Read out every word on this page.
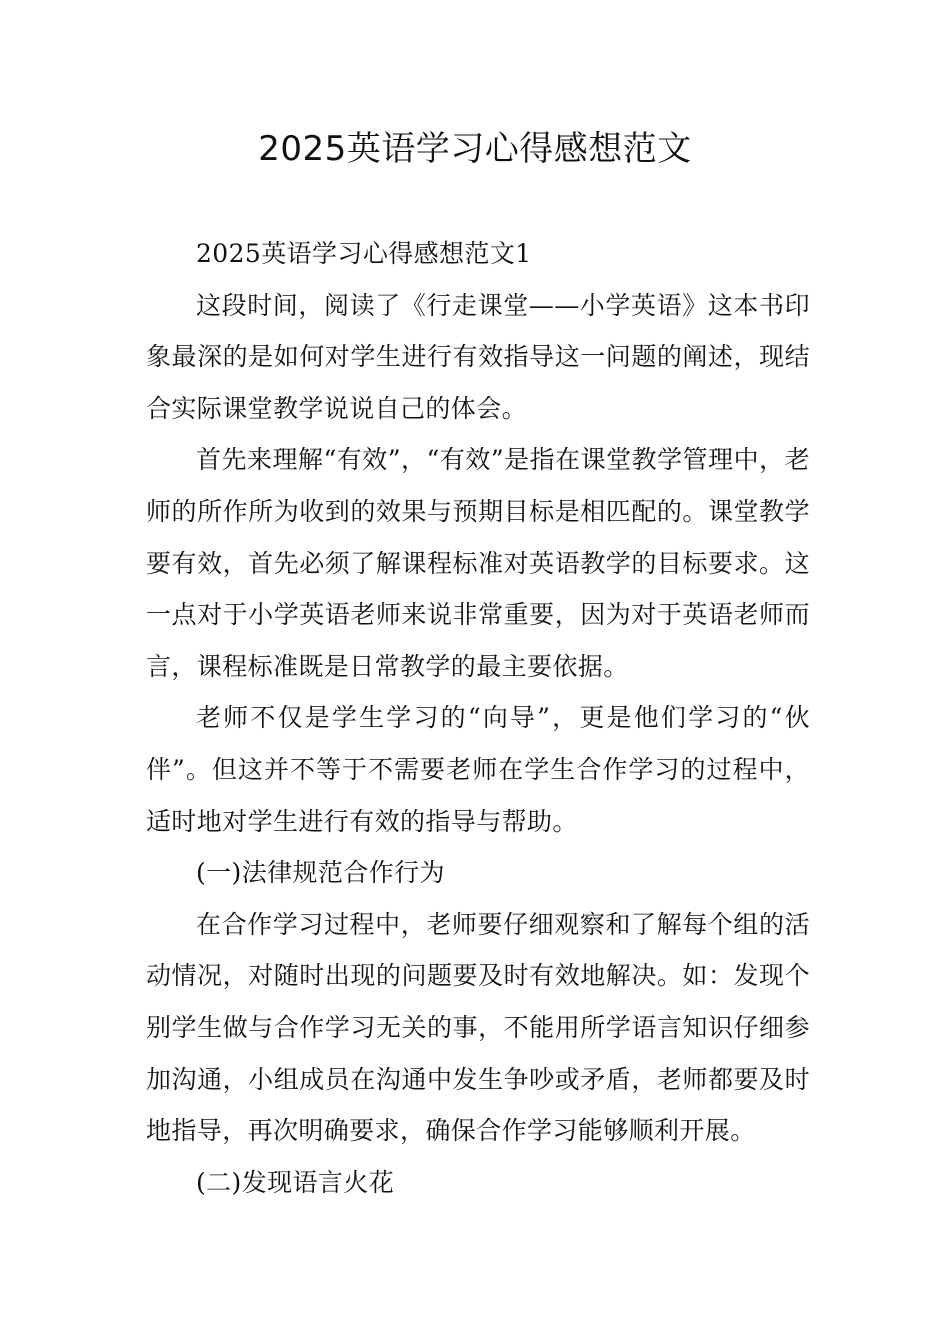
2025英语学习心得感想范文

2025英语学习心得感想范文1

这段时间，阅读了《行走课堂——小学英语》这本书印象最深的是如何对学生进行有效指导这一问题的阐述，现结合实际课堂教学说说自己的体会。

首先来理解“有效”，“有效”是指在课堂教学管理中，老师的所作所为收到的效果与预期目标是相匹配的。课堂教学要有效，首先必须了解课程标准对英语教学的目标要求。这一点对于小学英语老师来说非常重要，因为对于英语老师而言，课程标准既是日常教学的最主要依据。

老师不仅是学生学习的“向导”，更是他们学习的“伙伴”。但这并不等于不需要老师在学生合作学习的过程中，适时地对学生进行有效的指导与帮助。

(一)法律规范合作行为

在合作学习过程中，老师要仔细观察和了解每个组的活动情况，对随时出现的问题要及时有效地解决。如：发现个别学生做与合作学习无关的事，不能用所学语言知识仔细参加沟通，小组成员在沟通中发生争吵或矛盾，老师都要及时地指导，再次明确要求，确保合作学习能够顺利开展。

(二)发现语言火花
